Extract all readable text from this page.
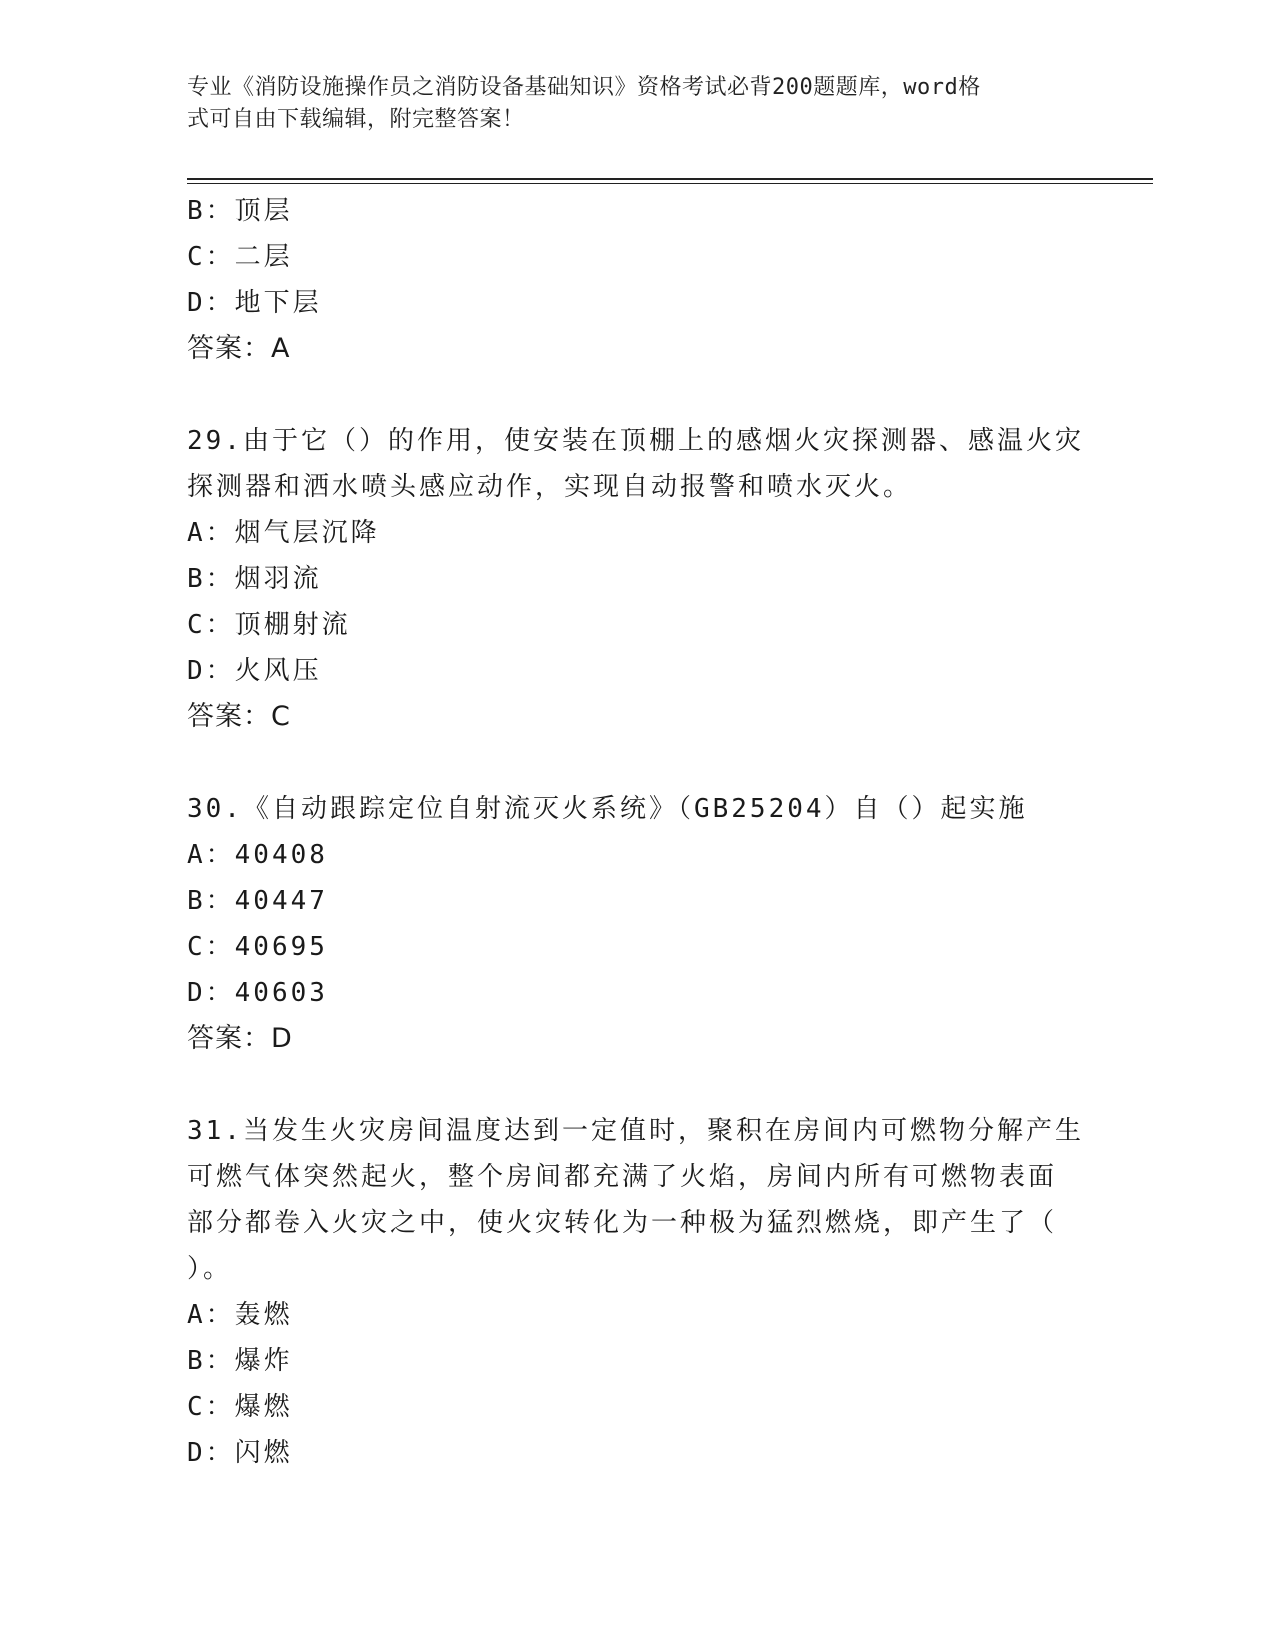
专业《消防设施操作员之消防设备基础知识》资格考试必背200题题库，word格
式可自由下载编辑，附完整答案！
B：顶层
C：二层
D：地下层
答案：A
29.由于它（）的作用，使安装在顶棚上的感烟火灾探测器、感温火灾
探测器和洒水喷头感应动作，实现自动报警和喷水灭火。
A：烟气层沉降
B：烟羽流
C：顶棚射流
D：火风压
答案：C
30.《自动跟踪定位自射流灭火系统》（GB25204）自（）起实施
A：40408
B：40447
C：40695
D：40603
答案：D
31.当发生火灾房间温度达到一定值时，聚积在房间内可燃物分解产生
可燃气体突然起火，整个房间都充满了火焰，房间内所有可燃物表面
部分都卷入火灾之中，使火灾转化为一种极为猛烈燃烧，即产生了（
）。
A：轰燃
B：爆炸
C：爆燃
D：闪燃
